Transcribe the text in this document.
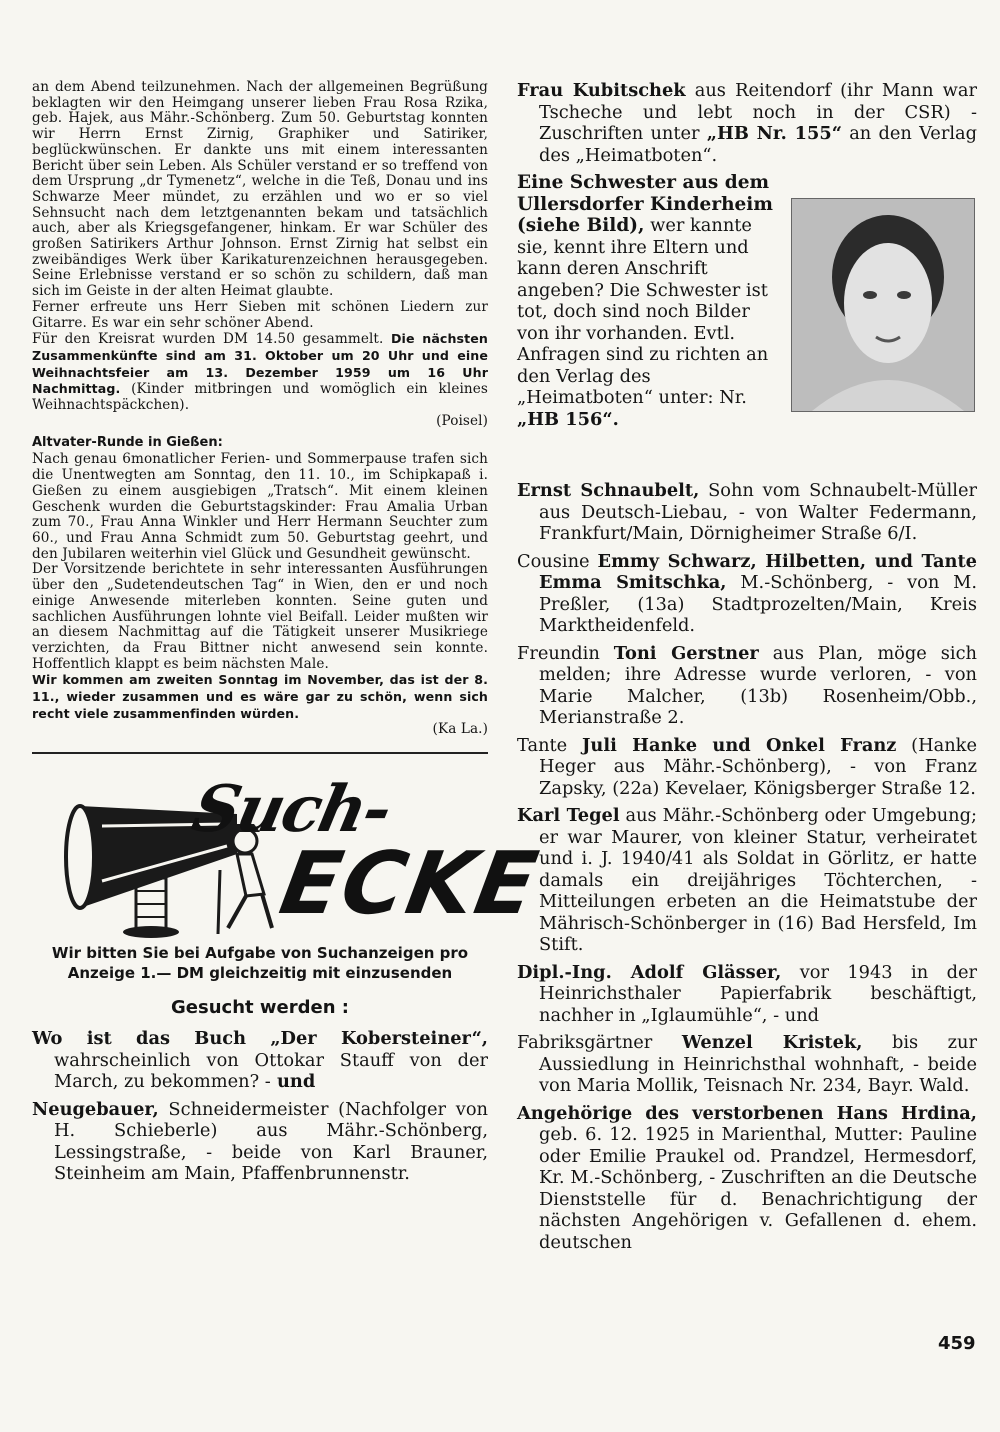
an dem Abend teilzunehmen. Nach der allgemeinen Begrüßung beklagten wir den Heimgang unserer lieben Frau Rosa Rzika, geb. Hajek, aus Mähr.-Schönberg. Zum 50. Geburtstag konnten wir Herrn Ernst Zirnig, Graphiker und Satiriker, beglückwünschen. Er dankte uns mit einem interessanten Bericht über sein Leben. Als Schüler verstand er so treffend von dem Ursprung „dr Tymenetz“, welche in die Teß, Donau und ins Schwarze Meer mündet, zu erzählen und wo er so viel Sehnsucht nach dem letztgenannten bekam und tatsächlich auch, aber als Kriegsgefangener, hinkam. Er war Schüler des großen Satirikers Arthur Johnson. Ernst Zirnig hat selbst ein zweibändiges Werk über Karikaturenzeichnen herausgegeben. Seine Erlebnisse verstand er so schön zu schildern, daß man sich im Geiste in der alten Heimat glaubte.

Ferner erfreute uns Herr Sieben mit schönen Liedern zur Gitarre. Es war ein sehr schöner Abend.

Für den Kreisrat wurden DM 14.50 gesammelt. Die nächsten Zusammenkünfte sind am 31. Oktober um 20 Uhr und eine Weihnachtsfeier am 13. Dezember 1959 um 16 Uhr Nachmittag. (Kinder mitbringen und womöglich ein kleines Weihnachtspäckchen).
(Poisel)

Altvater-Runde in Gießen:

Nach genau 6monatlicher Ferien- und Sommerpause trafen sich die Unentwegten am Sonntag, den 11. 10., im Schipkapaß i. Gießen zu einem ausgiebigen „Tratsch“. Mit einem kleinen Geschenk wurden die Geburtstagskinder: Frau Amalia Urban zum 70., Frau Anna Winkler und Herr Hermann Seuchter zum 60., und Frau Anna Schmidt zum 50. Geburtstag geehrt, und den Jubilaren weiterhin viel Glück und Gesundheit gewünscht.

Der Vorsitzende berichtete in sehr interessanten Ausführungen über den „Sudetendeutschen Tag“ in Wien, den er und noch einige Anwesende miterleben konnten. Seine guten und sachlichen Ausführungen lohnte viel Beifall. Leider mußten wir an diesem Nachmittag auf die Tätigkeit unserer Musikriege verzichten, da Frau Bittner nicht anwesend sein konnte. Hoffentlich klappt es beim nächsten Male.

Wir kommen am zweiten Sonntag im November, das ist der 8. 11., wieder zusammen und es wäre gar zu schön, wenn sich recht viele zusammenfinden würden.
(Ka La.)

Such-
ECKE
Wir bitten Sie bei Aufgabe von Suchanzeigen pro Anzeige 1.— DM gleichzeitig mit einzusenden
Gesucht werden :

Wo ist das Buch „Der Kobersteiner“, wahrscheinlich von Ottokar Stauff von der March, zu bekommen? - und

Neugebauer, Schneidermeister (Nachfolger von H. Schieberle) aus Mähr.-Schönberg, Lessingstraße, - beide von Karl Brauner, Steinheim am Main, Pfaffenbrunnenstr.

Frau Kubitschek aus Reitendorf (ihr Mann war Tscheche und lebt noch in der CSR) - Zuschriften unter „HB Nr. 155“ an den Verlag des „Heimatboten“.

Eine Schwester aus dem Ullersdorfer Kinderheim (siehe Bild), wer kannte sie, kennt ihre Eltern und kann deren Anschrift angeben? Die Schwester ist tot, doch sind noch Bilder von ihr vorhanden. Evtl. Anfragen sind zu richten an den Verlag des „Heimatboten“ unter: Nr. „HB 156“.

Ernst Schnaubelt, Sohn vom Schnaubelt-Müller aus Deutsch-Liebau, - von Walter Federmann, Frankfurt/Main, Dörnigheimer Straße 6/I.

Cousine Emmy Schwarz, Hilbetten, und Tante Emma Smitschka, M.-Schönberg, - von M. Preßler, (13a) Stadtprozelten/Main, Kreis Marktheidenfeld.

Freundin Toni Gerstner aus Plan, möge sich melden; ihre Adresse wurde verloren, - von Marie Malcher, (13b) Rosenheim/Obb., Merianstraße 2.

Tante Juli Hanke und Onkel Franz (Hanke Heger aus Mähr.-Schönberg), - von Franz Zapsky, (22a) Kevelaer, Königsberger Straße 12.

Karl Tegel aus Mähr.-Schönberg oder Umgebung; er war Maurer, von kleiner Statur, verheiratet und i. J. 1940/41 als Soldat in Görlitz, er hatte damals ein dreijähriges Töchterchen, - Mitteilungen erbeten an die Heimatstube der Mährisch-Schönberger in (16) Bad Hersfeld, Im Stift.

Dipl.-Ing. Adolf Glässer, vor 1943 in der Heinrichsthaler Papierfabrik beschäftigt, nachher in „Iglaumühle“, - und

Fabriksgärtner Wenzel Kristek, bis zur Aussiedlung in Heinrichsthal wohnhaft, - beide von Maria Mollik, Teisnach Nr. 234, Bayr. Wald.

Angehörige des verstorbenen Hans Hrdina, geb. 6. 12. 1925 in Marienthal, Mutter: Pauline oder Emilie Praukel od. Prandzel, Hermesdorf, Kr. M.-Schönberg, - Zuschriften an die Deutsche Dienststelle für d. Benachrichtigung der nächsten Angehörigen v. Gefallenen d. ehem. deutschen

459
